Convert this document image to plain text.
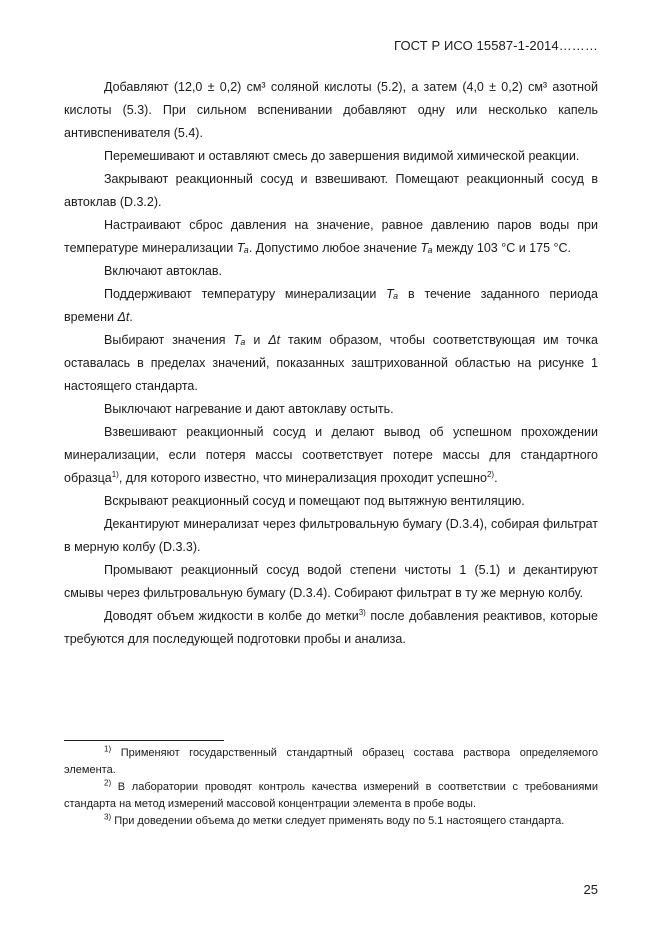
ГОСТ Р ИСО 15587-1-2014………

Добавляют (12,0 ± 0,2) см³ соляной кислоты (5.2), а затем (4,0 ± 0,2) см³ азотной кислоты (5.3). При сильном вспенивании добавляют одну или несколько капель антивспенивателя (5.4).

Перемешивают и оставляют смесь до завершения видимой химической реакции.

Закрывают реакционный сосуд и взвешивают. Помещают реакционный сосуд в автоклав (D.3.2).

Настраивают сброс давления на значение, равное давлению паров воды при температуре минерализации Tₐ. Допустимо любое значение Tₐ между 103 °C и 175 °C.

Включают автоклав.

Поддерживают температуру минерализации Tₐ в течение заданного периода времени Δt.

Выбирают значения Tₐ и Δt таким образом, чтобы соответствующая им точка оставалась в пределах значений, показанных заштрихованной областью на рисунке 1 настоящего стандарта.

Выключают нагревание и дают автоклаву остыть.

Взвешивают реакционный сосуд и делают вывод об успешном прохождении минерализации, если потеря массы соответствует потере массы для стандартного образца$^{1)}$, для которого известно, что минерализация проходит успешно$^{2)}$.

Вскрывают реакционный сосуд и помещают под вытяжную вентиляцию.

Декантируют минерализат через фильтровальную бумагу (D.3.4), собирая фильтрат в мерную колбу (D.3.3).

Промывают реакционный сосуд водой степени чистоты 1 (5.1) и декантируют смывы через фильтровальную бумагу (D.3.4). Собирают фильтрат в ту же мерную колбу.

Доводят объем жидкости в колбе до метки$^{3)}$ после добавления реактивов, которые требуются для последующей подготовки пробы и анализа.

$^{1)}$ Применяют государственный стандартный образец состава раствора определяемого элемента.

$^{2)}$ В лаборатории проводят контроль качества измерений в соответствии с требованиями стандарта на метод измерений массовой концентрации элемента в пробе воды.

$^{3)}$ При доведении объема до метки следует применять воду по 5.1 настоящего стандарта.

25
